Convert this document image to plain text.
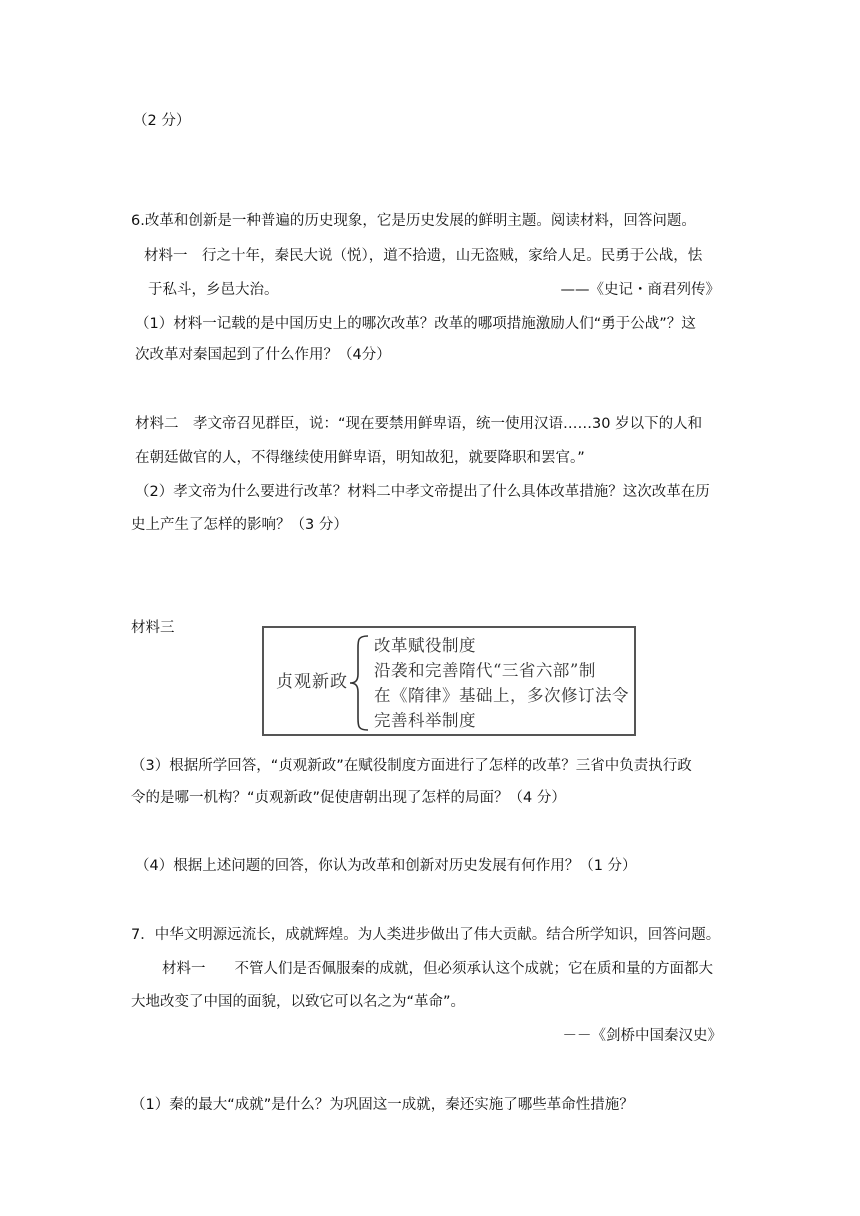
（2 分）
6.改革和创新是一种普遍的历史现象，它是历史发展的鲜明主题。阅读材料，回答问题。
材料一　行之十年，秦民大说（悦），道不拾遗，山无盗贼，家给人足。民勇于公战，怯
于私斗，乡邑大治。	——《史记・商君列传》
（1）材料一记载的是中国历史上的哪次改革？改革的哪项措施激励人们“勇于公战”？这
次改革对秦国起到了什么作用？（4分）
材料二　孝文帝召见群臣，说：“现在要禁用鲜卑语，统一使用汉语……30 岁以下的人和
在朝廷做官的人，不得继续使用鲜卑语，明知故犯，就要降职和罢官。”
（2）孝文帝为什么要进行改革？材料二中孝文帝提出了什么具体改革措施？这次改革在历
史上产生了怎样的影响？（3 分）
材料三
贞观新政
改革赋役制度
沿袭和完善隋代“三省六部”制
在《隋律》基础上，多次修订法令
完善科举制度
（3）根据所学回答，“贞观新政”在赋役制度方面进行了怎样的改革？三省中负责执行政
令的是哪一机构？“贞观新政”促使唐朝出现了怎样的局面？（4 分）
（4）根据上述问题的回答，你认为改革和创新对历史发展有何作用？（1 分）
7．中华文明源远流长，成就辉煌。为人类进步做出了伟大贡献。结合所学知识，回答问题。
材料一　　不管人们是否佩服秦的成就，但必须承认这个成就；它在质和量的方面都大
大地改变了中国的面貌，以致它可以名之为“革命”。
－－《剑桥中国秦汉史》
（1）秦的最大“成就”是什么？为巩固这一成就，秦还实施了哪些革命性措施？
